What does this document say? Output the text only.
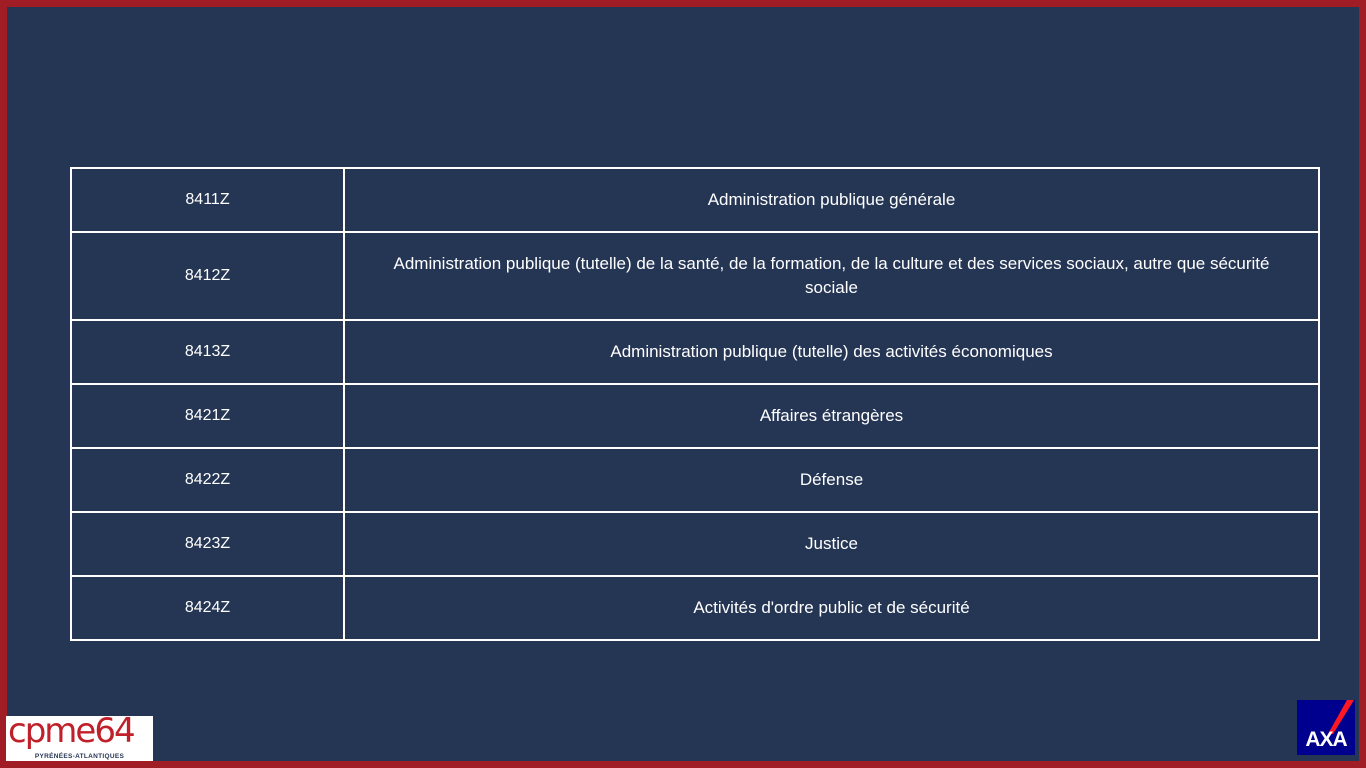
8411Z	Administration publique générale
8412Z	Administration publique (tutelle) de la santé, de la formation, de la culture et des services sociaux, autre que sécurité sociale
8413Z	Administration publique (tutelle) des activités économiques
8421Z	Affaires étrangères
8422Z	Défense
8423Z	Justice
8424Z	Activités d'ordre public et de sécurité
cpme64
PYRÉNÉES-ATLANTIQUES
AXA
